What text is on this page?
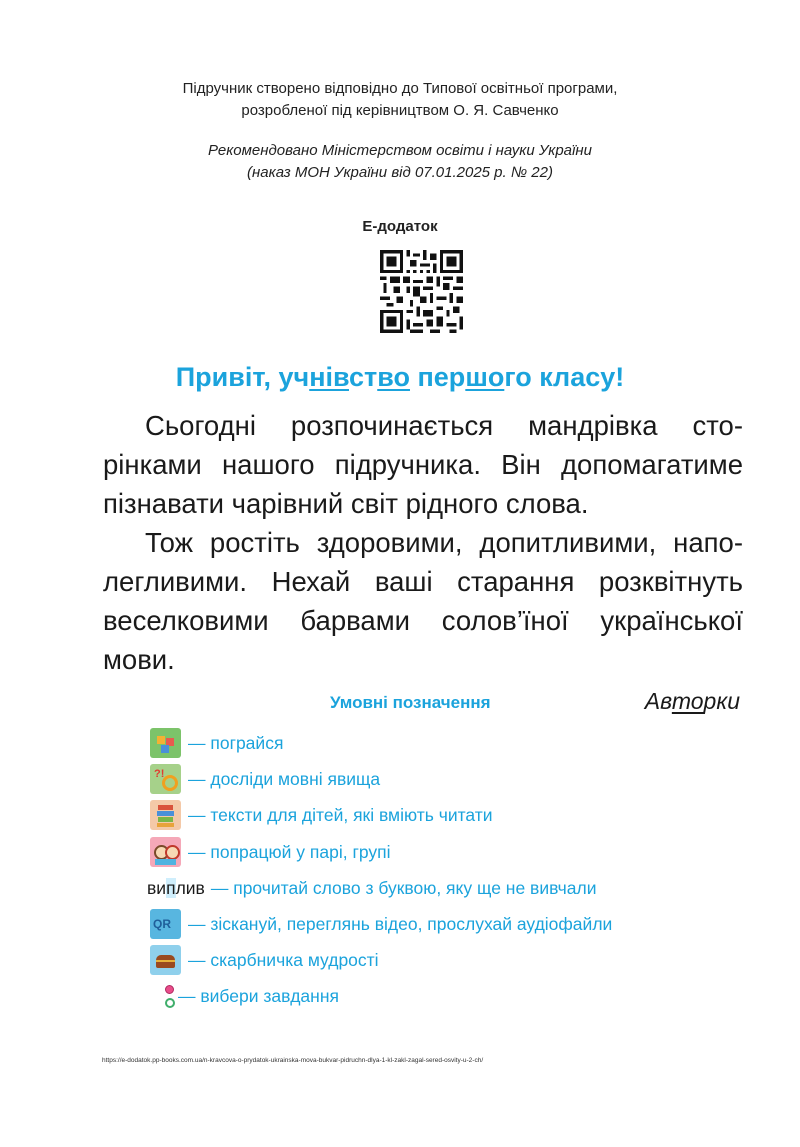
Підручник створено відповідно до Типової освітньої програми,
розробленої під керівництвом О. Я. Савченко
Рекомендовано Міністерством освіти і науки України
(наказ МОН України від 07.01.2025 р. № 22)
Е-додаток
Привіт, учнівство першого класу!
Сьогодні розпочинається мандрівка сто-
рінками нашого підручника. Він допомагатиме
пізнавати чарівний світ рідного слова.
Тож ростіть здоровими, допитливими, напо-
легливими. Нехай ваші старання розквітнуть
веселковими барвами солов’їної української
мови.
Умовні позначення	Авторки
— пограйся
?! — досліди мовні явища
— тексти для дітей, які вміють читати
— попрацюй у парі, групі
виплив — прочитай слово з буквою, яку ще не вивчали
QR — зіскануй, переглянь відео, прослухай аудіофайли
— скарбничка мудрості
— вибери завдання
https://e-dodatok.pp-books.com.ua/n-kravcova-o-prydatok-ukrainska-mova-bukvar-pidruchn-dlya-1-kl-zakl-zagal-sered-osvity-u-2-ch/
